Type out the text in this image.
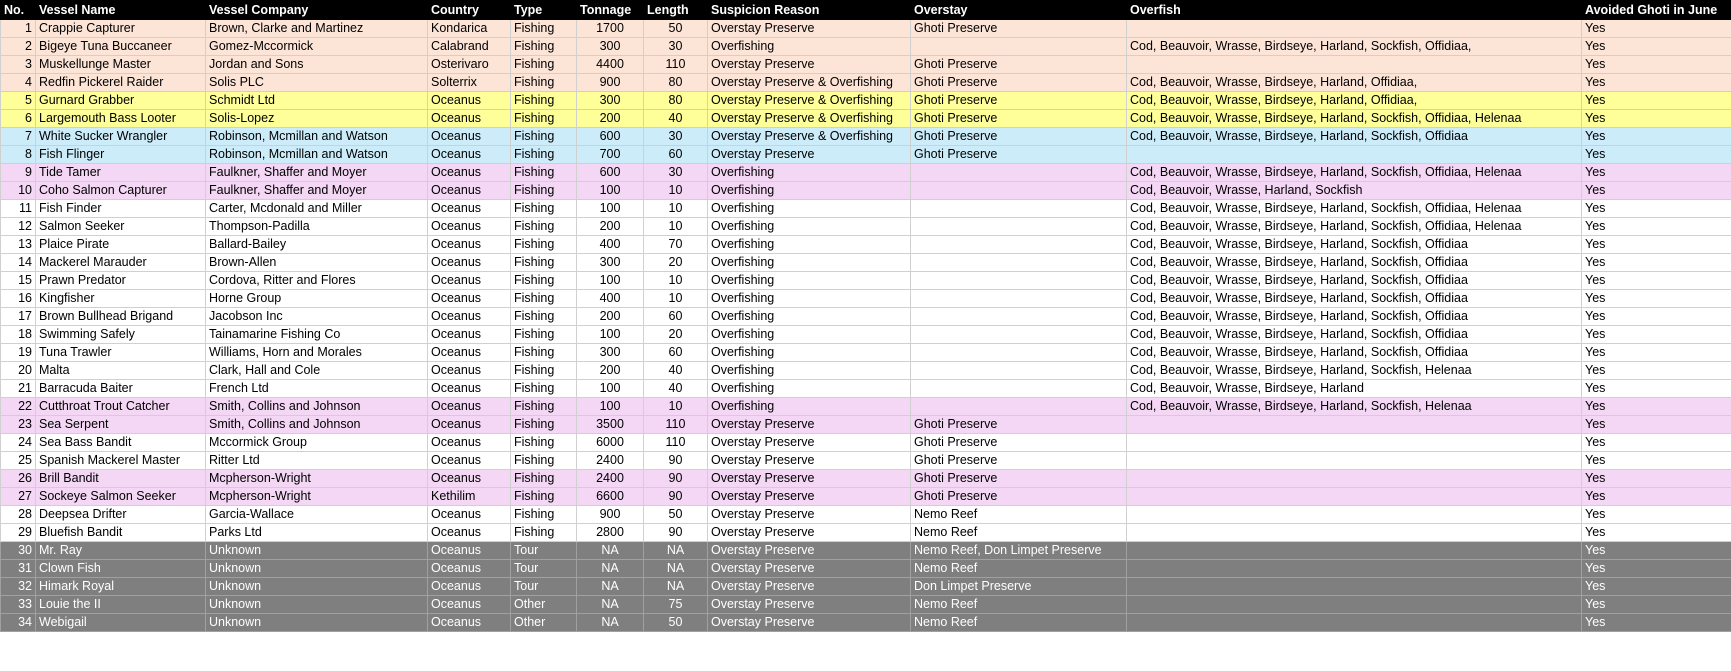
No.	Vessel Name	Vessel Company	Country	Type	Tonnage	Length	Suspicion Reason	Overstay	Overfish	Avoided Ghoti in June
1	Crappie Capturer	Brown, Clarke and Martinez	Kondarica	Fishing	1700	50	Overstay Preserve	Ghoti Preserve		Yes
2	Bigeye Tuna Buccaneer	Gomez-Mccormick	Calabrand	Fishing	300	30	Overfishing		Cod, Beauvoir, Wrasse, Birdseye, Harland, Sockfish, Offidiaa,	Yes
3	Muskellunge Master	Jordan and Sons	Osterivaro	Fishing	4400	110	Overstay Preserve	Ghoti Preserve		Yes
4	Redfin Pickerel Raider	Solis PLC	Solterrix	Fishing	900	80	Overstay Preserve & Overfishing	Ghoti Preserve	Cod, Beauvoir, Wrasse, Birdseye, Harland, Offidiaa,	Yes
5	Gurnard Grabber	Schmidt Ltd	Oceanus	Fishing	300	80	Overstay Preserve & Overfishing	Ghoti Preserve	Cod, Beauvoir, Wrasse, Birdseye, Harland, Offidiaa,	Yes
6	Largemouth Bass Looter	Solis-Lopez	Oceanus	Fishing	200	40	Overstay Preserve & Overfishing	Ghoti Preserve	Cod, Beauvoir, Wrasse, Birdseye, Harland, Sockfish, Offidiaa, Helenaa	Yes
7	White Sucker Wrangler	Robinson, Mcmillan and Watson	Oceanus	Fishing	600	30	Overstay Preserve & Overfishing	Ghoti Preserve	Cod, Beauvoir, Wrasse, Birdseye, Harland, Sockfish, Offidiaa	Yes
8	Fish Flinger	Robinson, Mcmillan and Watson	Oceanus	Fishing	700	60	Overstay Preserve	Ghoti Preserve		Yes
9	Tide Tamer	Faulkner, Shaffer and Moyer	Oceanus	Fishing	600	30	Overfishing		Cod, Beauvoir, Wrasse, Birdseye, Harland, Sockfish, Offidiaa, Helenaa	Yes
10	Coho Salmon Capturer	Faulkner, Shaffer and Moyer	Oceanus	Fishing	100	10	Overfishing		Cod, Beauvoir, Wrasse, Harland, Sockfish	Yes
11	Fish Finder	Carter, Mcdonald and Miller	Oceanus	Fishing	100	10	Overfishing		Cod, Beauvoir, Wrasse, Birdseye, Harland, Sockfish, Offidiaa, Helenaa	Yes
12	Salmon Seeker	Thompson-Padilla	Oceanus	Fishing	200	10	Overfishing		Cod, Beauvoir, Wrasse, Birdseye, Harland, Sockfish, Offidiaa, Helenaa	Yes
13	Plaice Pirate	Ballard-Bailey	Oceanus	Fishing	400	70	Overfishing		Cod, Beauvoir, Wrasse, Birdseye, Harland, Sockfish, Offidiaa	Yes
14	Mackerel Marauder	Brown-Allen	Oceanus	Fishing	300	20	Overfishing		Cod, Beauvoir, Wrasse, Birdseye, Harland, Sockfish, Offidiaa	Yes
15	Prawn Predator	Cordova, Ritter and Flores	Oceanus	Fishing	100	10	Overfishing		Cod, Beauvoir, Wrasse, Birdseye, Harland, Sockfish, Offidiaa	Yes
16	Kingfisher	Horne Group	Oceanus	Fishing	400	10	Overfishing		Cod, Beauvoir, Wrasse, Birdseye, Harland, Sockfish, Offidiaa	Yes
17	Brown Bullhead Brigand	Jacobson Inc	Oceanus	Fishing	200	60	Overfishing		Cod, Beauvoir, Wrasse, Birdseye, Harland, Sockfish, Offidiaa	Yes
18	Swimming Safely	Tainamarine Fishing Co	Oceanus	Fishing	100	20	Overfishing		Cod, Beauvoir, Wrasse, Birdseye, Harland, Sockfish, Offidiaa	Yes
19	Tuna Trawler	Williams, Horn and Morales	Oceanus	Fishing	300	60	Overfishing		Cod, Beauvoir, Wrasse, Birdseye, Harland, Sockfish, Offidiaa	Yes
20	Malta	Clark, Hall and Cole	Oceanus	Fishing	200	40	Overfishing		Cod, Beauvoir, Wrasse, Birdseye, Harland, Sockfish, Helenaa	Yes
21	Barracuda Baiter	French Ltd	Oceanus	Fishing	100	40	Overfishing		Cod, Beauvoir, Wrasse, Birdseye, Harland	Yes
22	Cutthroat Trout Catcher	Smith, Collins and Johnson	Oceanus	Fishing	100	10	Overfishing		Cod, Beauvoir, Wrasse, Birdseye, Harland, Sockfish, Helenaa	Yes
23	Sea Serpent	Smith, Collins and Johnson	Oceanus	Fishing	3500	110	Overstay Preserve	Ghoti Preserve		Yes
24	Sea Bass Bandit	Mccormick Group	Oceanus	Fishing	6000	110	Overstay Preserve	Ghoti Preserve		Yes
25	Spanish Mackerel Master	Ritter Ltd	Oceanus	Fishing	2400	90	Overstay Preserve	Ghoti Preserve		Yes
26	Brill Bandit	Mcpherson-Wright	Oceanus	Fishing	2400	90	Overstay Preserve	Ghoti Preserve		Yes
27	Sockeye Salmon Seeker	Mcpherson-Wright	Kethilim	Fishing	6600	90	Overstay Preserve	Ghoti Preserve		Yes
28	Deepsea Drifter	Garcia-Wallace	Oceanus	Fishing	900	50	Overstay Preserve	Nemo Reef		Yes
29	Bluefish Bandit	Parks Ltd	Oceanus	Fishing	2800	90	Overstay Preserve	Nemo Reef		Yes
30	Mr. Ray	Unknown	Oceanus	Tour	NA	NA	Overstay Preserve	Nemo Reef, Don Limpet Preserve		Yes
31	Clown Fish	Unknown	Oceanus	Tour	NA	NA	Overstay Preserve	Nemo Reef		Yes
32	Himark Royal	Unknown	Oceanus	Tour	NA	NA	Overstay Preserve	Don Limpet Preserve		Yes
33	Louie the II	Unknown	Oceanus	Other	NA	75	Overstay Preserve	Nemo Reef		Yes
34	Webigail	Unknown	Oceanus	Other	NA	50	Overstay Preserve	Nemo Reef		Yes
